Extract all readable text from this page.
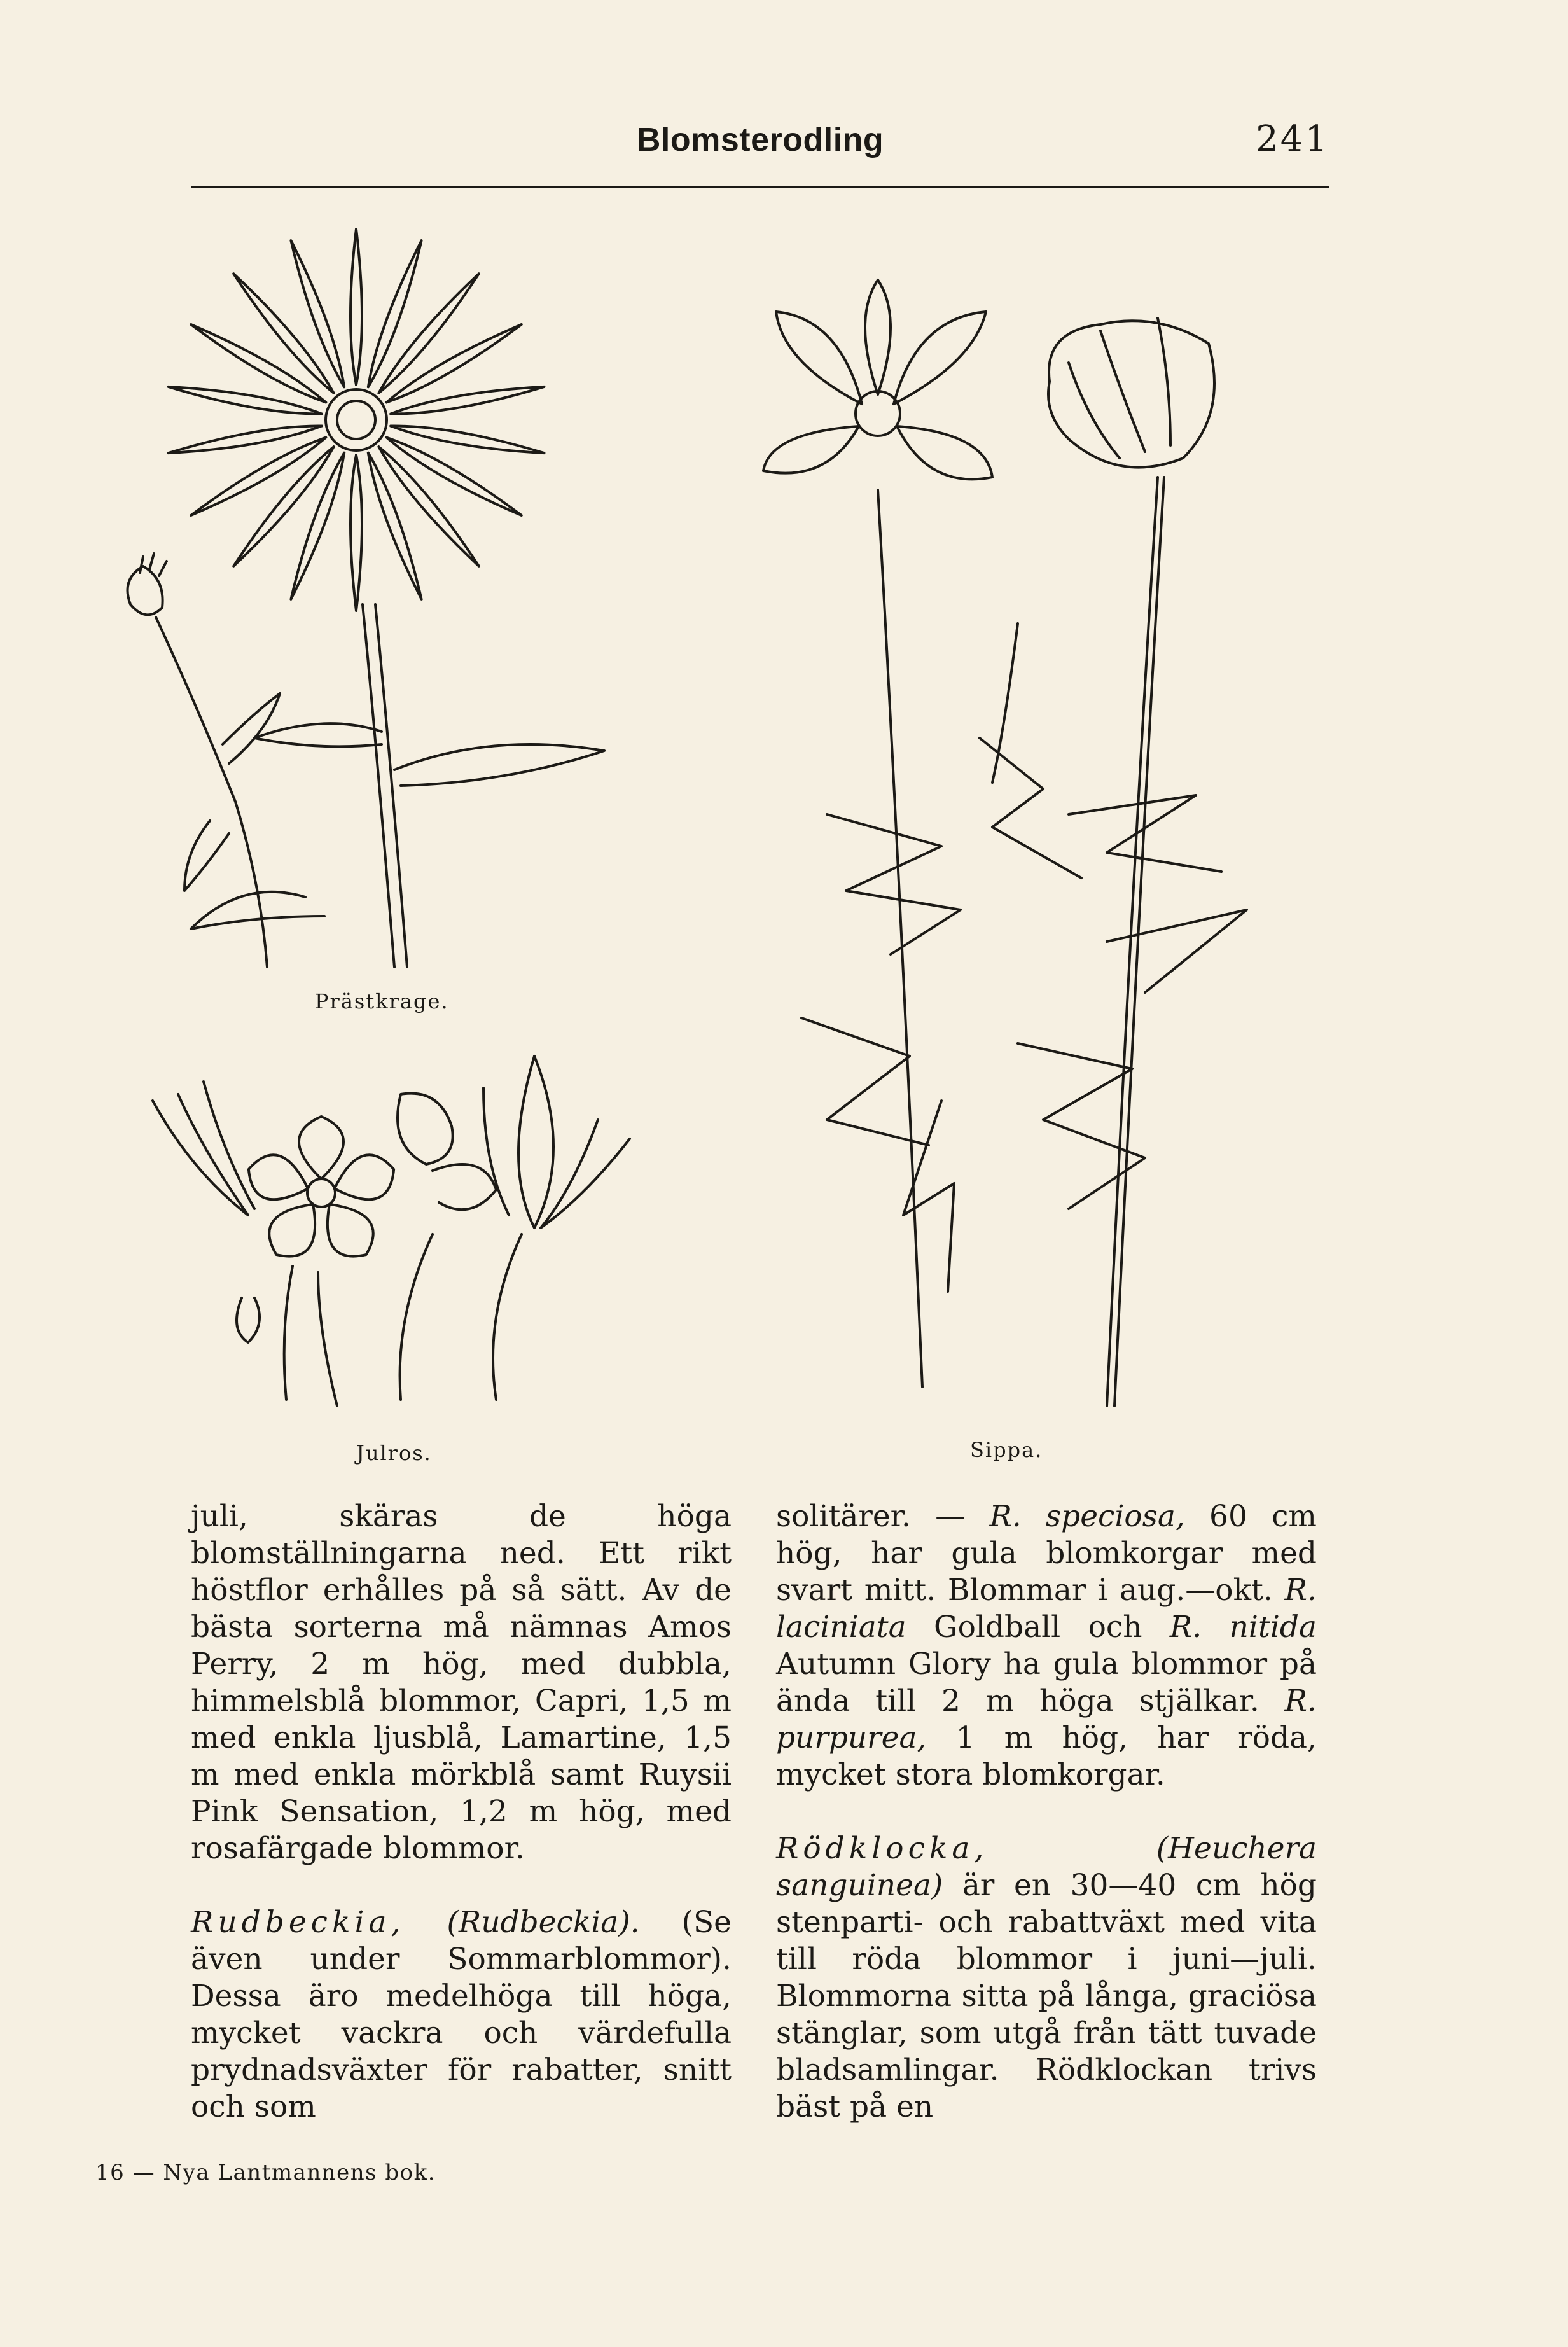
Blomsterodling	241
Prästkrage.
Julros.	Sippa.

juli, skäras de höga blomställningarna ned. Ett rikt höstflor erhålles på så sätt. Av de bästa sorterna må nämnas Amos Perry, 2 m hög, med dubbla, himmelsblå blommor, Capri, 1,5 m med enkla ljusblå, Lamartine, 1,5 m med enkla mörkblå samt Ruysii Pink Sensation, 1,2 m hög, med rosafärgade blommor.

Rudbeckia, (Rudbeckia). (Se även under Sommarblommor). Dessa äro medelhöga till höga, mycket vackra och värdefulla prydnadsväxter för rabatter, snitt och som

solitärer. — R. speciosa, 60 cm hög, har gula blomkorgar med svart mitt. Blommar i aug.—okt. R. laciniata Goldball och R. nitida Autumn Glory ha gula blommor på ända till 2 m höga stjälkar. R. purpurea, 1 m hög, har röda, mycket stora blomkorgar.

Rödklocka,	(Heuchera sanguinea) är en 30—40 cm hög stenparti- och rabattväxt med vita till röda blommor i juni—juli. Blommorna sitta på långa, graciösa stänglar, som utgå från tätt tuvade bladsamlingar. Rödklockan trivs bäst på en

16 — Nya Lantmannens bok.
